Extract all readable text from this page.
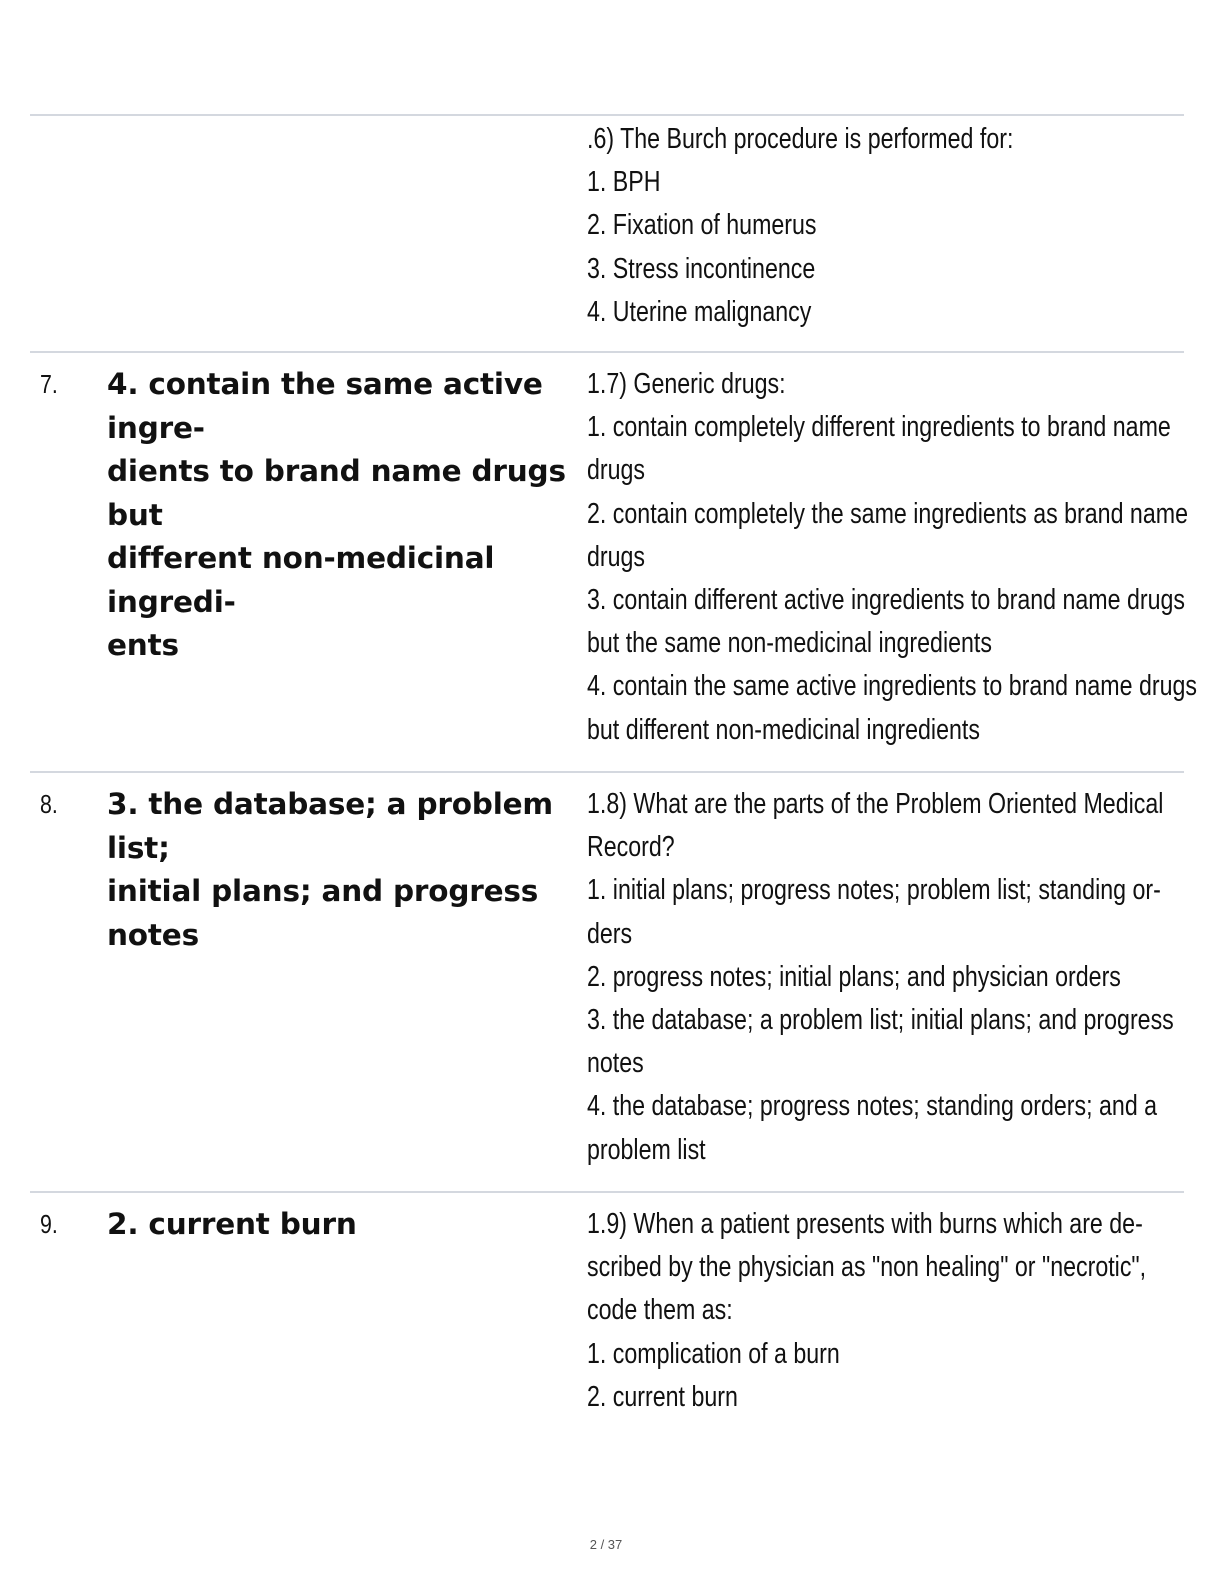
.6) The Burch procedure is performed for:
1. BPH
2. Fixation of humerus
3. Stress incontinence
4. Uterine malignancy
7. 4. contain the same active ingre-
dients to brand name drugs but
different non-medicinal ingredi-
ents
1.7) Generic drugs:
1. contain completely different ingredients to brand name
drugs
2. contain completely the same ingredients as brand name
drugs
3. contain different active ingredients to brand name drugs
but the same non-medicinal ingredients
4. contain the same active ingredients to brand name drugs
but different non-medicinal ingredients
8. 3. the database; a problem list;
initial plans; and progress notes
1.8) What are the parts of the Problem Oriented Medical
Record?
1. initial plans; progress notes; problem list; standing or-
ders
2. progress notes; initial plans; and physician orders
3. the database; a problem list; initial plans; and progress
notes
4. the database; progress notes; standing orders; and a
problem list
9. 2. current burn	1.9) When a patient presents with burns which are de-
scribed by the physician as "non healing" or "necrotic",
code them as:
1. complication of a burn
2. current burn
2 / 37
